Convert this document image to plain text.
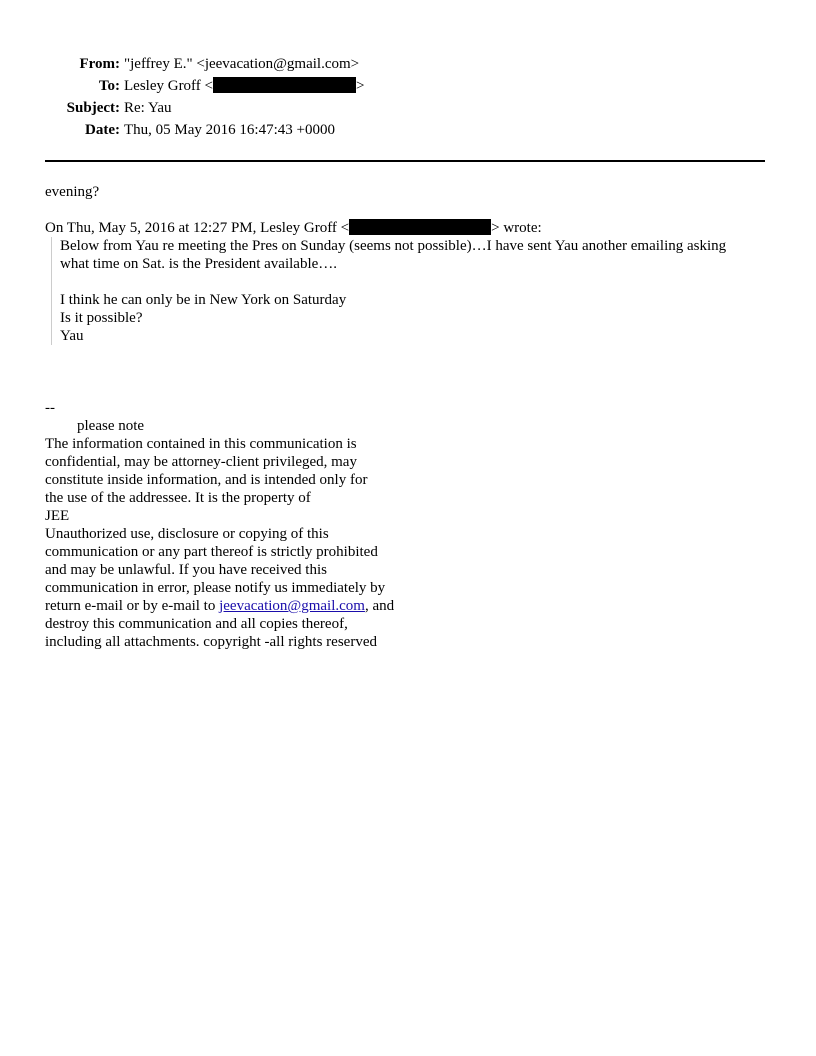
From: "jeffrey E." <jeevacation@gmail.com>
To: Lesley Groff <	>
Subject: Re: Yau
Date: Thu, 05 May 2016 16:47:43 +0000
evening?
On Thu, May 5, 2016 at 12:27 PM, Lesley Groff <	> wrote:
Below from Yau re meeting the Pres on Sunday (seems not possible)…I have sent Yau another emailing asking
what time on Sat. is the President available….
I think he can only be in New York on Saturday
Is it possible?
Yau
--
please note
The information contained in this communication is
confidential, may be attorney-client privileged, may
constitute inside information, and is intended only for
the use of the addressee. It is the property of
JEE
Unauthorized use, disclosure or copying of this
communication or any part thereof is strictly prohibited
and may be unlawful. If you have received this
communication in error, please notify us immediately by
return e-mail or by e-mail to jeevacation@gmail.com, and
destroy this communication and all copies thereof,
including all attachments. copyright -all rights reserved
